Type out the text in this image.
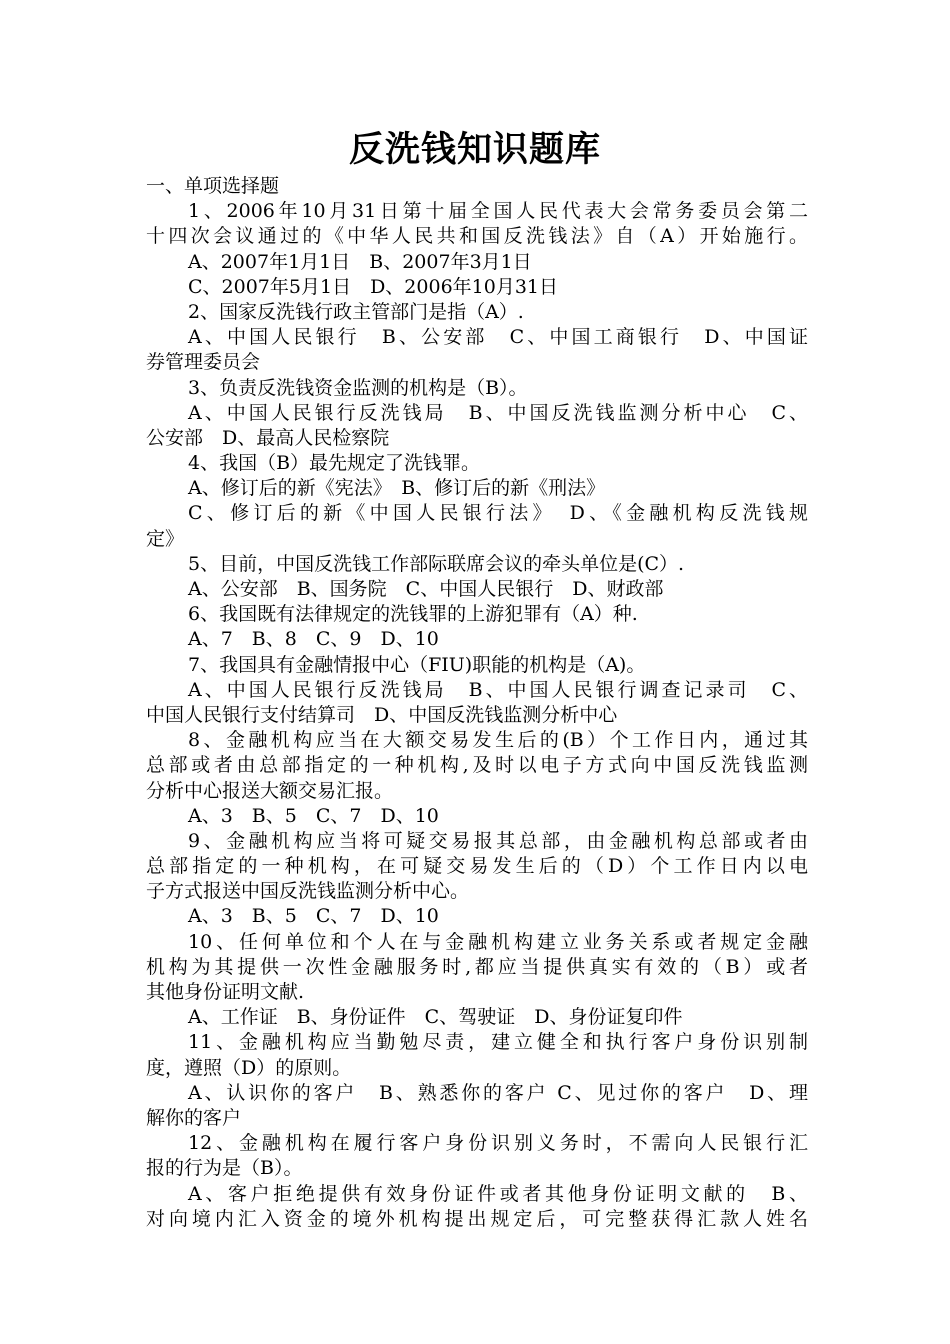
反洗钱知识题库
一、单项选择题
1、2006年10月31日第十届全国人民代表大会常务委员会第二
十四次会议通过的《中华人民共和国反洗钱法》自（A）开始施行。
A、2007年1月1日　B、2007年3月1日
C、2007年5月1日　D、2006年10月31日
2、国家反洗钱行政主管部门是指（A）.
A、中国人民银行　B、公安部　C、中国工商银行　D、中国证
券管理委员会
3、负责反洗钱资金监测的机构是（B）。
A、中国人民银行反洗钱局　B、中国反洗钱监测分析中心　C、
公安部　D、最高人民检察院
4、我国（B）最先规定了洗钱罪。
A、修订后的新《宪法》　B、修订后的新《刑法》
C、修订后的新《中国人民银行法》　D、《金融机构反洗钱规
定》
5、目前，中国反洗钱工作部际联席会议的牵头单位是(C）.
A、公安部　B、国务院　C、中国人民银行　D、财政部
6、我国既有法律规定的洗钱罪的上游犯罪有（A）种.
A、7　B、8　C、9　D、10
7、我国具有金融情报中心（FIU)职能的机构是（A)。
A、中国人民银行反洗钱局　B、中国人民银行调查记录司　C、
中国人民银行支付结算司　D、中国反洗钱监测分析中心
8、金融机构应当在大额交易发生后的(B）个工作日内，通过其
总部或者由总部指定的一种机构,及时以电子方式向中国反洗钱监测
分析中心报送大额交易汇报。
A、3　B、5　C、7　D、10
9、金融机构应当将可疑交易报其总部，由金融机构总部或者由
总部指定的一种机构，在可疑交易发生后的（D）个工作日内以电
子方式报送中国反洗钱监测分析中心。
A、3　B、5　C、7　D、10
10、任何单位和个人在与金融机构建立业务关系或者规定金融
机构为其提供一次性金融服务时,都应当提供真实有效的（B）或者
其他身份证明文献.
A、工作证　B、身份证件　C、驾驶证　D、身份证复印件
11、金融机构应当勤勉尽责，建立健全和执行客户身份识别制
度，遵照（D）的原则。
A、认识你的客户　B、熟悉你的客户 C、见过你的客户　D、理
解你的客户
12、金融机构在履行客户身份识别义务时，不需向人民银行汇
报的行为是（B）。
A、客户拒绝提供有效身份证件或者其他身份证明文献的　B、
对向境内汇入资金的境外机构提出规定后，可完整获得汇款人姓名
